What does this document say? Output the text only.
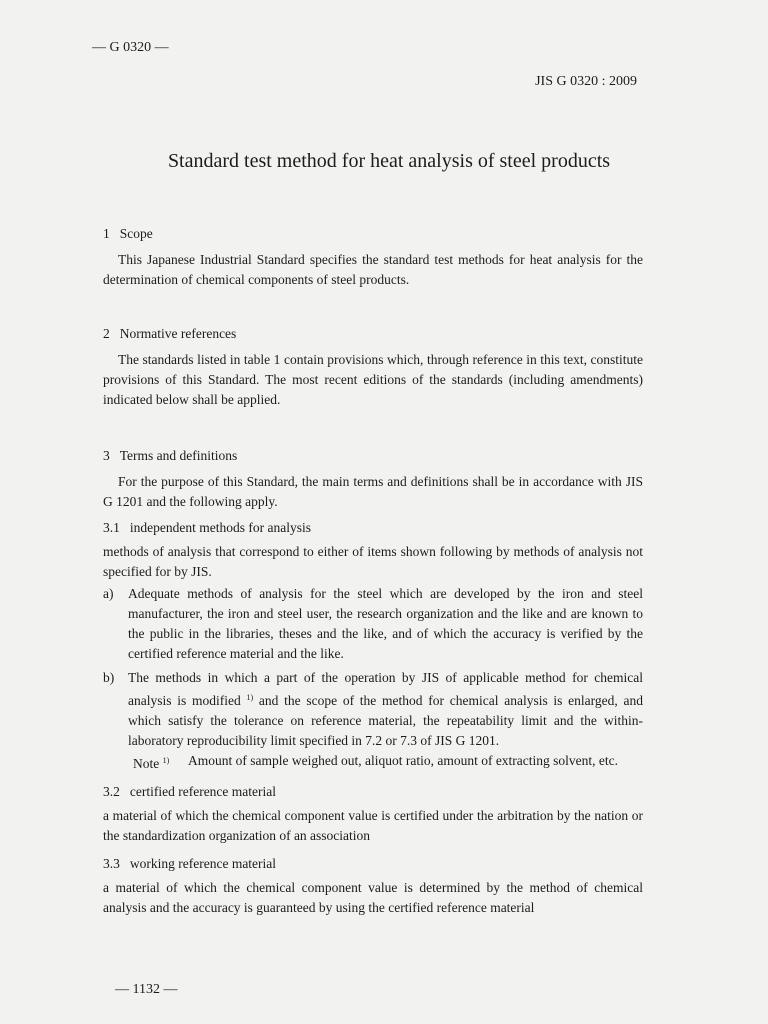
— G 0320 —
JIS G 0320 : 2009
Standard test method for heat analysis of steel products
1 Scope

This Japanese Industrial Standard specifies the standard test methods for heat analysis for the determination of chemical components of steel products.

2 Normative references

The standards listed in table 1 contain provisions which, through reference in this text, constitute provisions of this Standard. The most recent editions of the standards (including amendments) indicated below shall be applied.

3 Terms and definitions

For the purpose of this Standard, the main terms and definitions shall be in accordance with JIS G 1201 and the following apply.

3.1 independent methods for analysis

methods of analysis that correspond to either of items shown following by methods of analysis not specified for by JIS.

a)	Adequate methods of analysis for the steel which are developed by the iron and steel manufacturer, the iron and steel user, the research organization and the like and are known to the public in the libraries, theses and the like, and of which the accuracy is verified by the certified reference material and the like.
b)	The methods in which a part of the operation by JIS of applicable method for chemical analysis is modified $^{1)}$ and the scope of the method for chemical analysis is enlarged, and which satisfy the tolerance on reference material, the repeatability limit and the within-laboratory reproducibility limit specified in 7.2 or 7.3 of JIS G 1201.
Note $^{1)}$	Amount of sample weighed out, aliquot ratio, amount of extracting solvent, etc.
3.2 certified reference material

a material of which the chemical component value is certified under the arbitration by the nation or the standardization organization of an association

3.3 working reference material

a material of which the chemical component value is determined by the method of chemical analysis and the accuracy is guaranteed by using the certified reference material

— 1132 —
